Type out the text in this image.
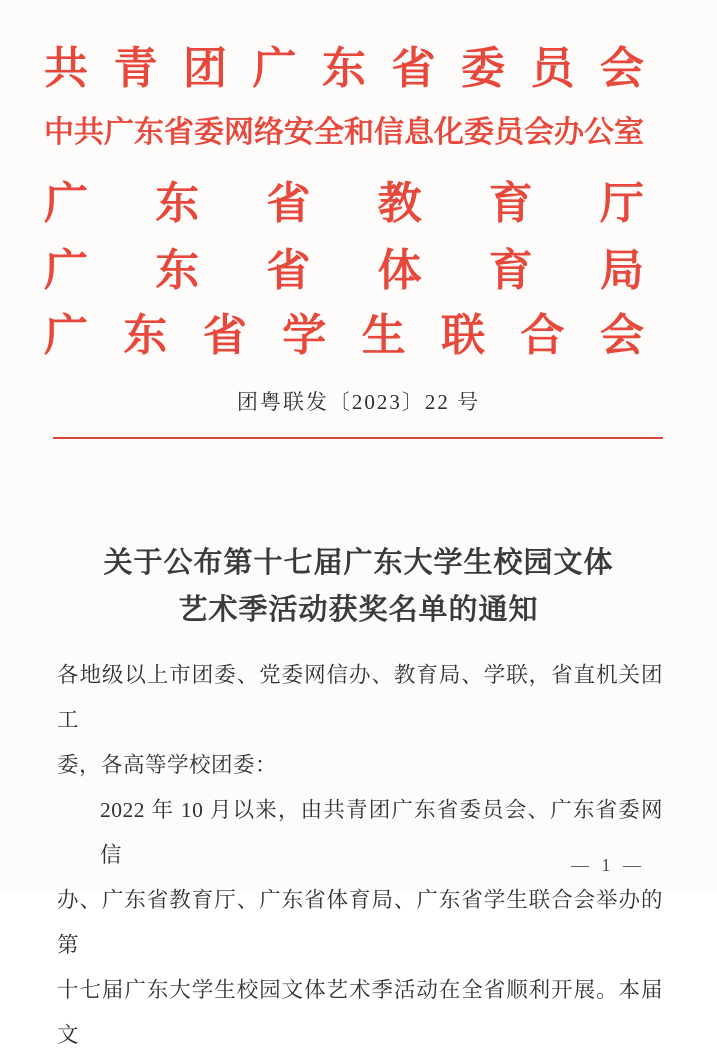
共 青 团 广 东 省 委 员 会
中 共 广 东 省 委 网 络 安 全 和 信 息 化 委 员 会 办 公 室
广 东 省 教 育 厅
广 东 省 体 育 局
广 东 省 学 生 联 合 会
团粤联发〔2023〕22 号
关于公布第十七届广东大学生校园文体
艺术季活动获奖名单的通知
各地级以上市团委、党委网信办、教育局、学联，省直机关团工
委，各高等学校团委：
2022 年 10 月以来，由共青团广东省委员会、广东省委网信
办、广东省教育厅、广东省体育局、广东省学生联合会举办的第
十七届广东大学生校园文体艺术季活动在全省顺利开展。本届文
— 1 —
